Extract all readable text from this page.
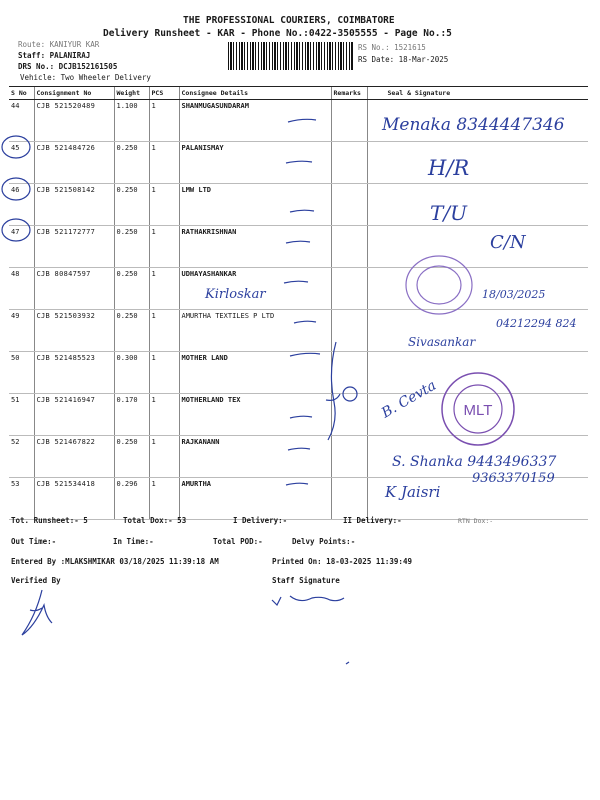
THE PROFESSIONAL COURIERS, COIMBATORE
Delivery Runsheet - KAR - Phone No.:0422-3505555 - Page No.:5
Route: KANIYUR KAR
Staff: PALANIRAJ
DRS No.: DCJB152161505
Vehicle: Two Wheeler Delivery
RS No.: 1521615
RS Date: 18-Mar-2025
S No	Consignment No	Weight	PCS	Consignee Details	Remarks	Seal & Signature
44	CJB 521520489	1.100	1	SHANMUGASUNDARAM		
45	CJB 521484726	0.250	1	PALANISMAY		
46	CJB 521508142	0.250	1	LMW LTD		
47	CJB 521172777	0.250	1	RATHAKRISHNAN		
48	CJB 80847597	0.250	1	UDHAYASHANKAR		
49	CJB 521503932	0.250	1	AMURTHA TEXTILES P LTD		
50	CJB 521485523	0.300	1	MOTHER LAND		
51	CJB 521416947	0.170	1	MOTHERLAND TEX		
52	CJB 521467822	0.250	1	RAJKANANN		
53	CJB 521534418	0.296	1	AMURTHA		
MLT
Menaka 8344447346
H/R
T/U
C/N
Kirloskar	18/03/2025
04212294 824
Sivasankar
B. Cevta
S. Shanka 9443496337
9363370159
K Jaisri
Tot. Runsheet:- 5	Total Dox:- 53	I Delivery:-	II Delivery:-	RTN Dox:-
Out Time:-	In Time:-	Total POD:-	Delvy Points:-
Entered By :MLAKSHMIKAR 03/18/2025 11:39:18 AM	Printed On: 18-03-2025 11:39:49
Verified By	Staff Signature
